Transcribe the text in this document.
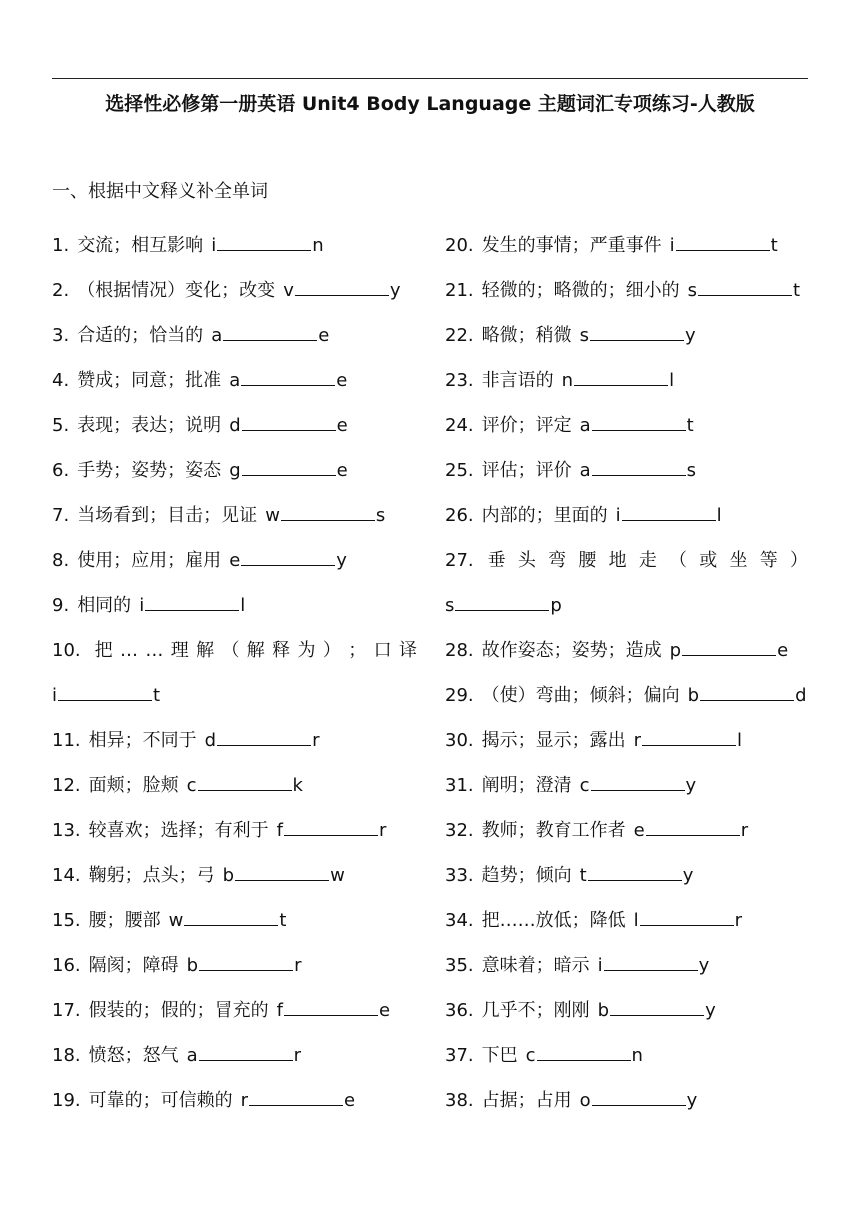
选择性必修第一册英语 Unit4 Body Language 主题词汇专项练习-人教版
一、根据中文释义补全单词
1. 交流；相互影响 i	n
2. （根据情况）变化；改变 v	y
3. 合适的；恰当的 a	e
4. 赞成；同意；批准 a	e
5. 表现；表达；说明 d	e
6. 手势；姿势；姿态 g	e
7. 当场看到；目击；见证 w	s
8. 使用；应用；雇用 e	y
9. 相同的 i	l
10. 把 … … 理 解 （ 解 释 为 ） ； 口 译
i	t
11. 相异；不同于 d	r
12. 面颊；脸颊 c	k
13. 较喜欢；选择；有利于 f	r
14. 鞠躬；点头；弓 b	w
15. 腰；腰部 w	t
16. 隔阂；障碍 b	r
17. 假装的；假的；冒充的 f	e
18. 愤怒；怒气 a	r
19. 可靠的；可信赖的 r	e
20. 发生的事情；严重事件 i	t
21. 轻微的；略微的；细小的 s	t
22. 略微；稍微 s	y
23. 非言语的 n	l
24. 评价；评定 a	t
25. 评估；评价 a	s
26. 内部的；里面的 i	l
27. 垂 头 弯 腰 地 走 （ 或 坐 等 ）
s	p
28. 故作姿态；姿势；造成 p	e
29. （使）弯曲；倾斜；偏向 b	d
30. 揭示；显示；露出 r	l
31. 阐明；澄清 c	y
32. 教师；教育工作者 e	r
33. 趋势；倾向 t	y
34. 把……放低；降低 l	r
35. 意味着；暗示 i	y
36. 几乎不；刚刚 b	y
37. 下巴 c	n
38. 占据；占用 o	y
